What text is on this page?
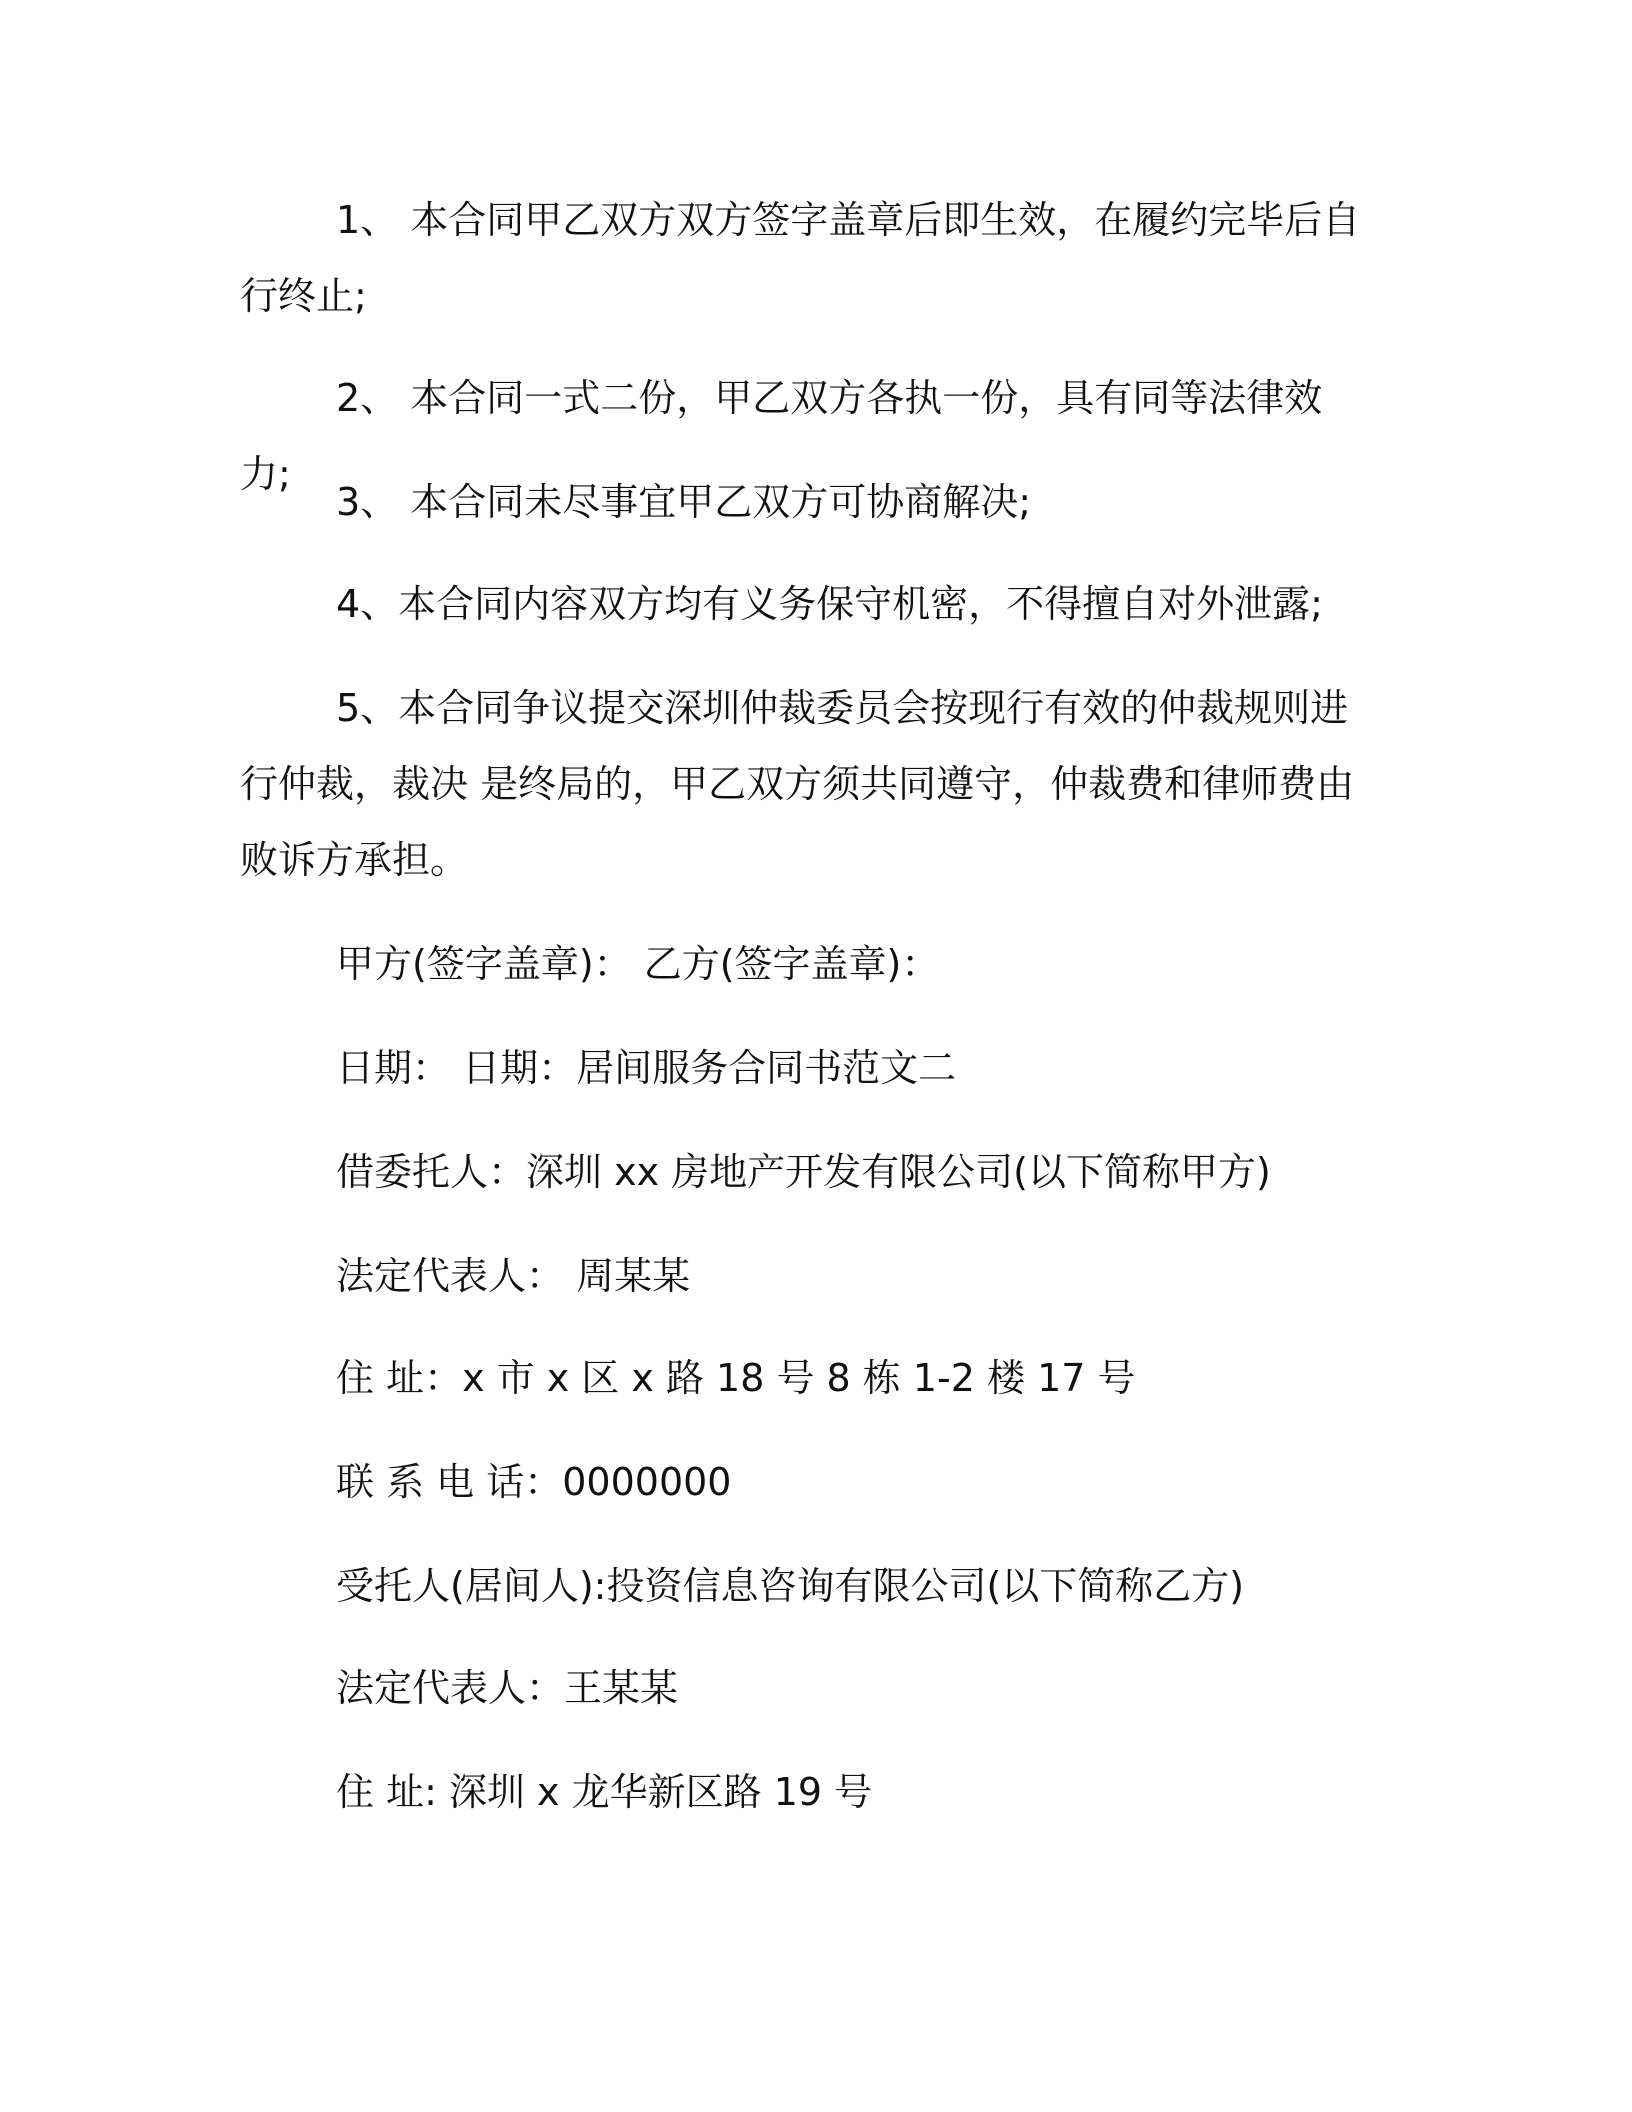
1、 本合同甲乙双方双方签字盖章后即生效，在履约完毕后自行终止;
2、 本合同一式二份，甲乙双方各执一份，具有同等法律效力;
3、 本合同未尽事宜甲乙双方可协商解决;
4、本合同内容双方均有义务保守机密，不得擅自对外泄露;
5、本合同争议提交深圳仲裁委员会按现行有效的仲裁规则进行仲裁，裁决 是终局的，甲乙双方须共同遵守，仲裁费和律师费由败诉方承担。
甲方(签字盖章)： 乙方(签字盖章)：
日期： 日期：居间服务合同书范文二
借委托人：深圳 xx 房地产开发有限公司(以下简称甲方)
法定代表人： 周某某
住 址：x 市 x 区 x 路 18 号 8 栋 1-2 楼 17 号
联 系 电 话：0000000
受托人(居间人):投资信息咨询有限公司(以下简称乙方)
法定代表人：王某某
住 址: 深圳 x 龙华新区路 19 号
